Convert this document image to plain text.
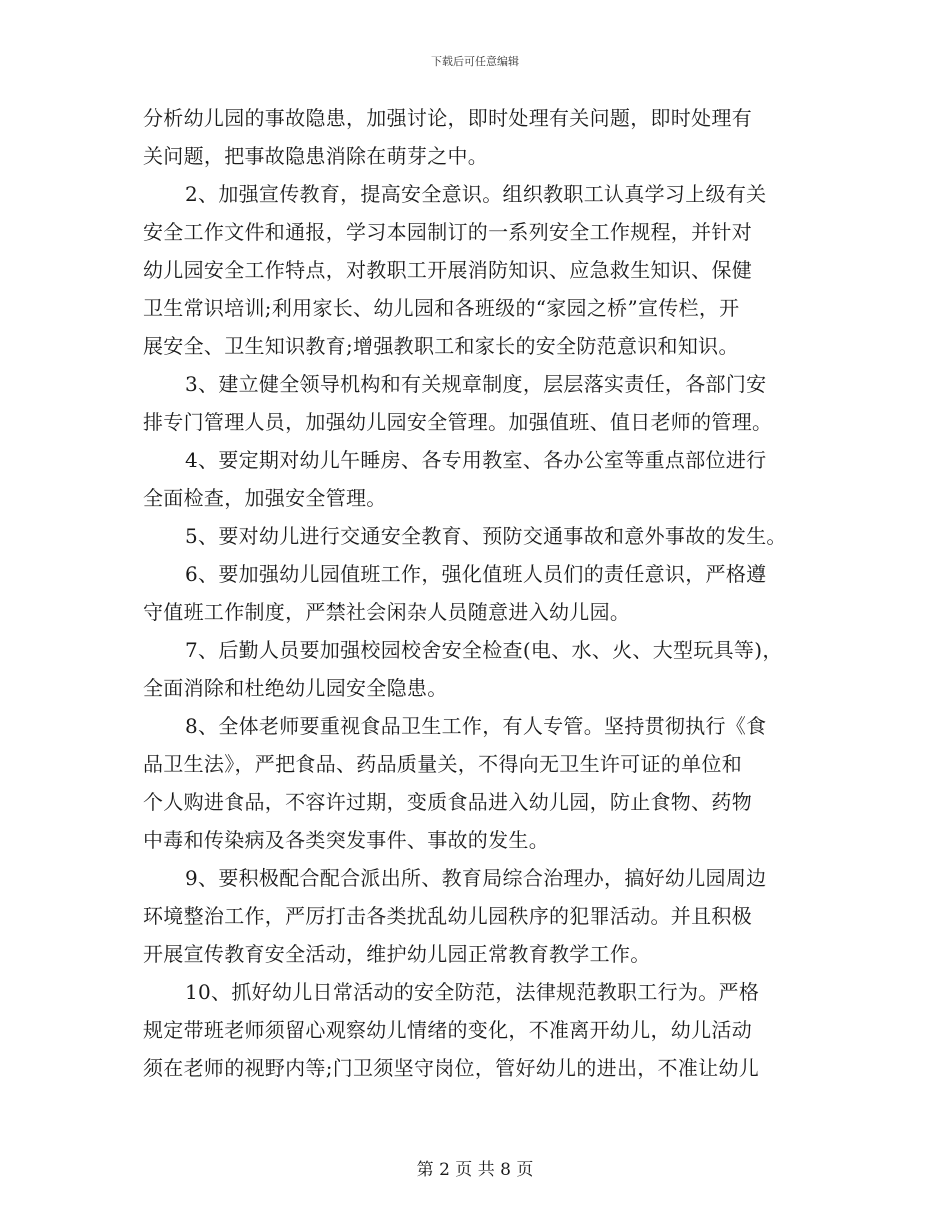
下载后可任意编辑
分析幼儿园的事故隐患，加强讨论，即时处理有关问题，即时处理有
关问题，把事故隐患消除在萌芽之中。
2、加强宣传教育，提高安全意识。组织教职工认真学习上级有关
安全工作文件和通报，学习本园制订的一系列安全工作规程，并针对
幼儿园安全工作特点，对教职工开展消防知识、应急救生知识、保健
卫生常识培训;利用家长、幼儿园和各班级的“家园之桥”宣传栏，开
展安全、卫生知识教育;增强教职工和家长的安全防范意识和知识。
3、建立健全领导机构和有关规章制度，层层落实责任，各部门安
排专门管理人员，加强幼儿园安全管理。加强值班、值日老师的管理。
4、要定期对幼儿午睡房、各专用教室、各办公室等重点部位进行
全面检查，加强安全管理。
5、要对幼儿进行交通安全教育、预防交通事故和意外事故的发生。
6、要加强幼儿园值班工作，强化值班人员们的责任意识，严格遵
守值班工作制度，严禁社会闲杂人员随意进入幼儿园。
7、后勤人员要加强校园校舍安全检查(电、水、火、大型玩具等)，
全面消除和杜绝幼儿园安全隐患。
8、全体老师要重视食品卫生工作，有人专管。坚持贯彻执行《食
品卫生法》，严把食品、药品质量关，不得向无卫生许可证的单位和
个人购进食品，不容许过期，变质食品进入幼儿园，防止食物、药物
中毒和传染病及各类突发事件、事故的发生。
9、要积极配合配合派出所、教育局综合治理办，搞好幼儿园周边
环境整治工作，严厉打击各类扰乱幼儿园秩序的犯罪活动。并且积极
开展宣传教育安全活动，维护幼儿园正常教育教学工作。
10、抓好幼儿日常活动的安全防范，法律规范教职工行为。严格
规定带班老师须留心观察幼儿情绪的变化，不准离开幼儿，幼儿活动
须在老师的视野内等;门卫须坚守岗位，管好幼儿的进出，不准让幼儿
第 2 页 共 8 页
